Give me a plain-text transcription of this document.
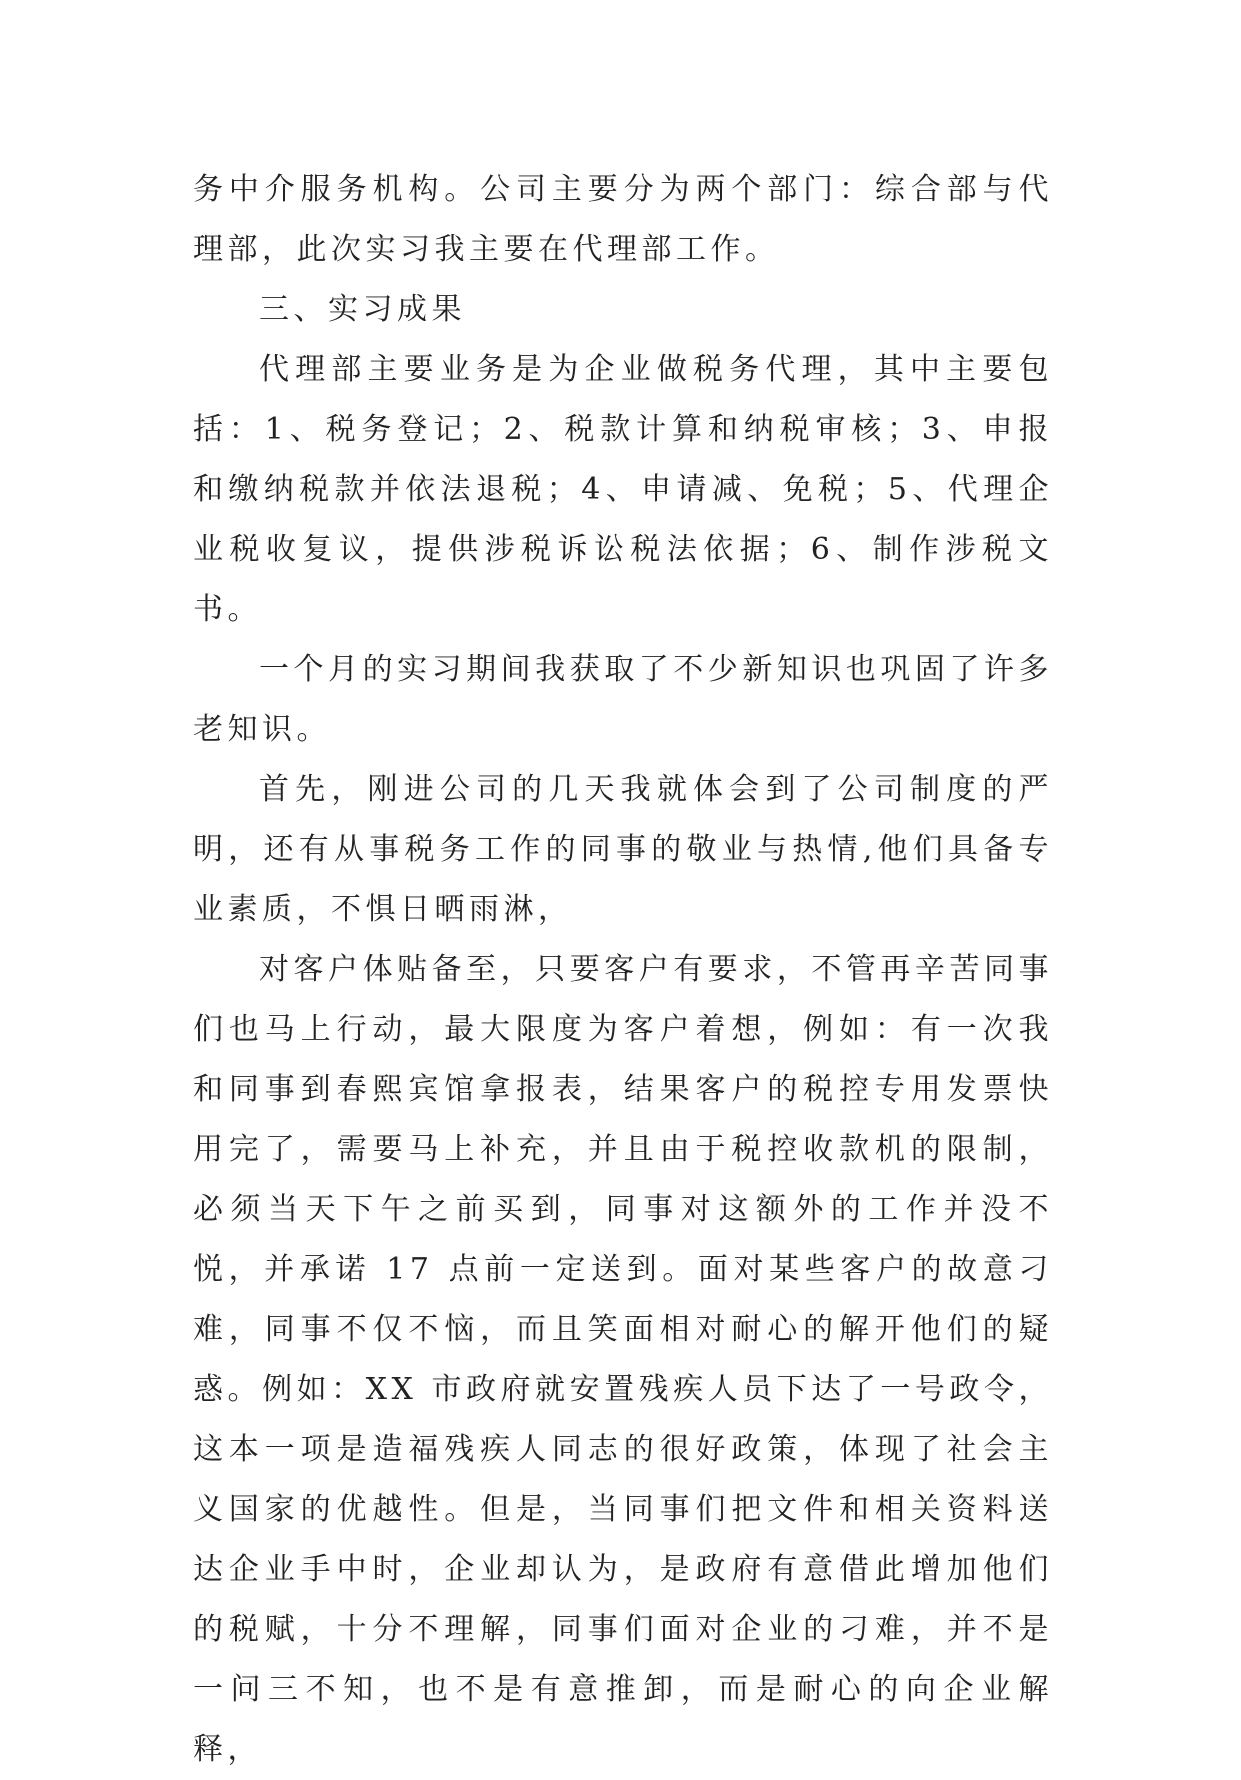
务中介服务机构。公司主要分为两个部门：综合部与代理部，此次实习我主要在代理部工作。

三、实习成果

代理部主要业务是为企业做税务代理，其中主要包括：1、税务登记；2、税款计算和纳税审核；3、申报和缴纳税款并依法退税；4、申请减、免税；5、代理企业税收复议，提供涉税诉讼税法依据；6、制作涉税文书。

一个月的实习期间我获取了不少新知识也巩固了许多老知识。

首先，刚进公司的几天我就体会到了公司制度的严明，还有从事税务工作的同事的敬业与热情,他们具备专业素质，不惧日晒雨淋，

对客户体贴备至，只要客户有要求，不管再辛苦同事们也马上行动，最大限度为客户着想，例如：有一次我和同事到春熙宾馆拿报表，结果客户的税控专用发票快用完了，需要马上补充，并且由于税控收款机的限制，必须当天下午之前买到，同事对这额外的工作并没不悦，并承诺 17 点前一定送到。面对某些客户的故意刁难，同事不仅不恼，而且笑面相对耐心的解开他们的疑惑。例如：XX 市政府就安置残疾人员下达了一号政令，这本一项是造福残疾人同志的很好政策，体现了社会主义国家的优越性。但是，当同事们把文件和相关资料送达企业手中时，企业却认为，是政府有意借此增加他们的税赋，十分不理解，同事们面对企业的刁难，并不是一问三不知，也不是有意推卸，而是耐心的向企业解释，
